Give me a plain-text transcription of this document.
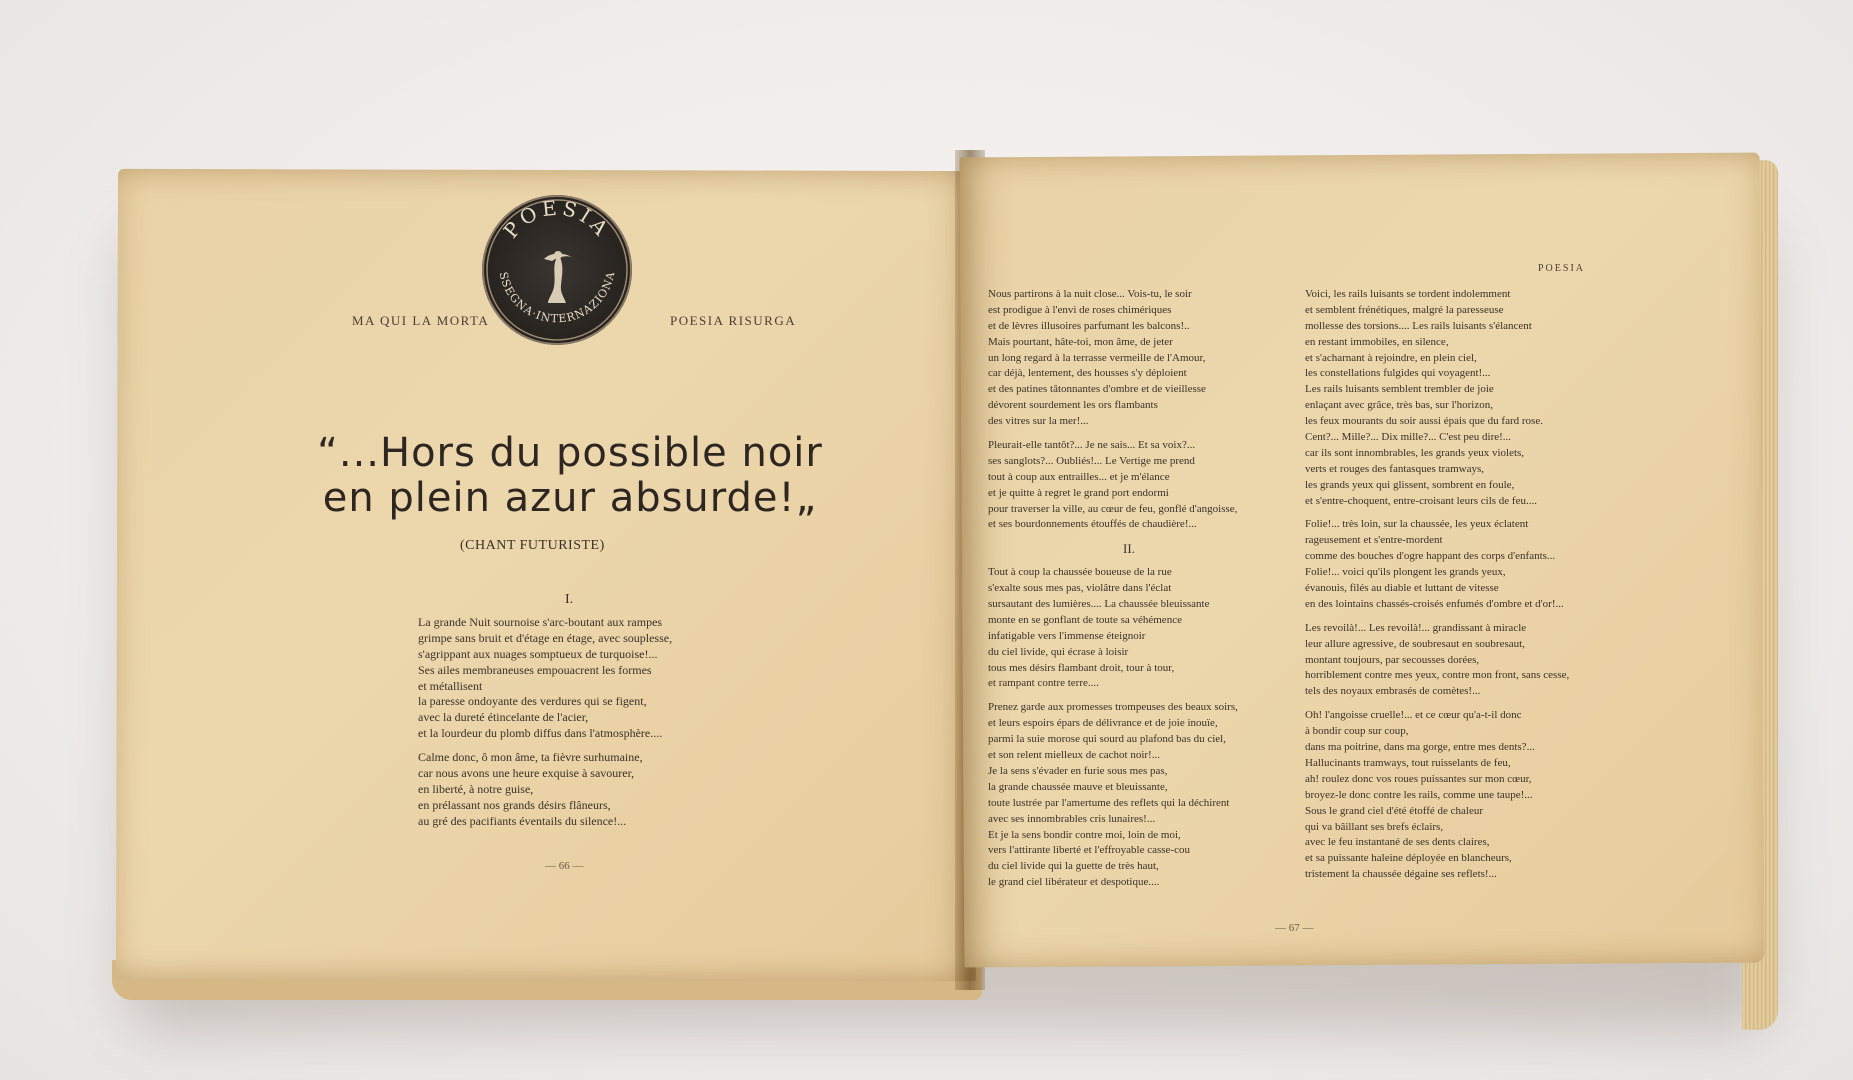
MA QUI LA MORTA	POESIA RISURGA
POESIA
SSEGNA·INTERNAZIONA
“...Hors du possible noir
en plein azur absurde!„
(CHANT FUTURISTE)
I.
La grande Nuit sournoise s'arc-boutant aux rampes
grimpe sans bruit et d'étage en étage, avec souplesse,
s'agrippant aux nuages somptueux de turquoise!...
Ses ailes membraneuses empouacrent les formes
et métallisent
la paresse ondoyante des verdures qui se figent,
avec la dureté étincelante de l'acier,
et la lourdeur du plomb diffus dans l'atmosphère....
Calme donc, ô mon âme, ta fièvre surhumaine,
car nous avons une heure exquise à savourer,
en liberté, à notre guise,
en prélassant nos grands désirs flâneurs,
au gré des pacifiants éventails du silence!...
— 66 —
POESIA
Nous partirons à la nuit close... Vois-tu, le soir
est prodigue à l'envi de roses chimériques
et de lèvres illusoires parfumant les balcons!..
Mais pourtant, hâte-toi, mon âme, de jeter
un long regard à la terrasse vermeille de l'Amour,
car déjà, lentement, des housses s'y déploient
et des patines tâtonnantes d'ombre et de vieillesse
dévorent sourdement les ors flambants
des vitres sur la mer!...
Pleurait-elle tantôt?... Je ne sais... Et sa voix?...
ses sanglots?... Oubliés!... Le Vertige me prend
tout à coup aux entrailles... et je m'élance
et je quitte à regret le grand port endormi
pour traverser la ville, au cœur de feu, gonflé d'angoisse,
et ses bourdonnements étouffés de chaudière!...
II.
Tout à coup la chaussée boueuse de la rue
s'exalte sous mes pas, violâtre dans l'éclat
sursautant des lumières.... La chaussée bleuissante
monte en se gonflant de toute sa véhémence
infatigable vers l'immense éteignoir
du ciel livide, qui écrase à loisir
tous mes désirs flambant droit, tour à tour,
et rampant contre terre....
Prenez garde aux promesses trompeuses des beaux soirs,
et leurs espoirs épars de délivrance et de joie inouïe,
parmi la suie morose qui sourd au plafond bas du ciel,
et son relent mielleux de cachot noir!...
Je la sens s'évader en furie sous mes pas,
la grande chaussée mauve et bleuissante,
toute lustrée par l'amertume des reflets qui la déchirent
avec ses innombrables cris lunaires!...
Et je la sens bondir contre moi, loin de moi,
vers l'attirante liberté et l'effroyable casse-cou
du ciel livide qui la guette de très haut,
le grand ciel libérateur et despotique....
Voici, les rails luisants se tordent indolemment
et semblent frénétiques, malgré la paresseuse
mollesse des torsions.... Les rails luisants s'élancent
en restant immobiles, en silence,
et s'acharnant à rejoindre, en plein ciel,
les constellations fulgides qui voyagent!...
Les rails luisants semblent trembler de joie
enlaçant avec grâce, très bas, sur l'horizon,
les feux mourants du soir aussi épais que du fard rose.
Cent?... Mille?... Dix mille?... C'est peu dire!...
car ils sont innombrables, les grands yeux violets,
verts et rouges des fantasques tramways,
les grands yeux qui glissent, sombrent en foule,
et s'entre-choquent, entre-croisant leurs cils de feu....
Folie!... très loin, sur la chaussée, les yeux éclatent
rageusement et s'entre-mordent
comme des bouches d'ogre happant des corps d'enfants...
Folie!... voici qu'ils plongent les grands yeux,
évanouis, filés au diable et luttant de vitesse
en des lointains chassés-croisés enfumés d'ombre et d'or!...
Les revoilà!... Les revoilà!... grandissant à miracle
leur allure agressive, de soubresaut en soubresaut,
montant toujours, par secousses dorées,
horriblement contre mes yeux, contre mon front, sans cesse,
tels des noyaux embrasés de comètes!...
Oh! l'angoisse cruelle!... et ce cœur qu'a-t-il donc
à bondir coup sur coup,
dans ma poitrine, dans ma gorge, entre mes dents?...
Hallucinants tramways, tout ruisselants de feu,
ah! roulez donc vos roues puissantes sur mon cœur,
broyez-le donc contre les rails, comme une taupe!...
Sous le grand ciel d'été étoffé de chaleur
qui va bâillant ses brefs éclairs,
avec le feu instantané de ses dents claires,
et sa puissante haleine déployée en blancheurs,
tristement la chaussée dégaine ses reflets!...
— 67 —
